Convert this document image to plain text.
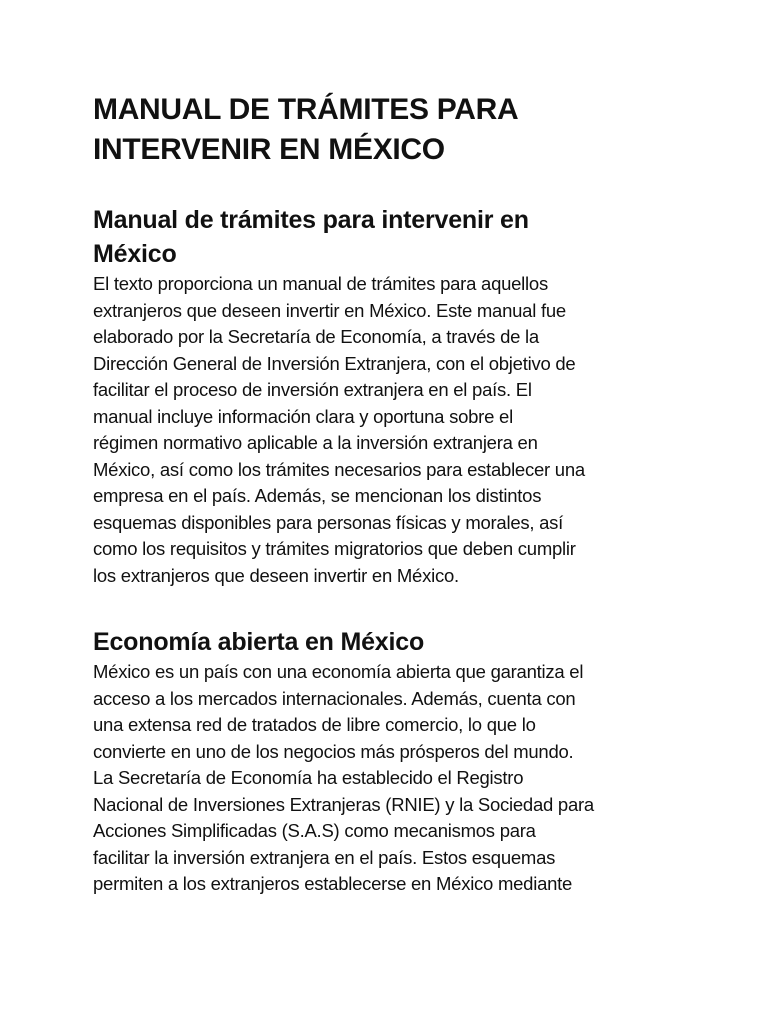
MANUAL DE TRÁMITES PARA
INTERVENIR EN MÉXICO
Manual de trámites para intervenir en
México

El texto proporciona un manual de trámites para aquellos
extranjeros que deseen invertir en México. Este manual fue
elaborado por la Secretaría de Economía, a través de la
Dirección General de Inversión Extranjera, con el objetivo de
facilitar el proceso de inversión extranjera en el país. El
manual incluye información clara y oportuna sobre el
régimen normativo aplicable a la inversión extranjera en
México, así como los trámites necesarios para establecer una
empresa en el país. Además, se mencionan los distintos
esquemas disponibles para personas físicas y morales, así
como los requisitos y trámites migratorios que deben cumplir
los extranjeros que deseen invertir en México.

Economía abierta en México

México es un país con una economía abierta que garantiza el
acceso a los mercados internacionales. Además, cuenta con
una extensa red de tratados de libre comercio, lo que lo
convierte en uno de los negocios más prósperos del mundo.
La Secretaría de Economía ha establecido el Registro
Nacional de Inversiones Extranjeras (RNIE) y la Sociedad para
Acciones Simplificadas (S.A.S) como mecanismos para
facilitar la inversión extranjera en el país. Estos esquemas
permiten a los extranjeros establecerse en México mediante
